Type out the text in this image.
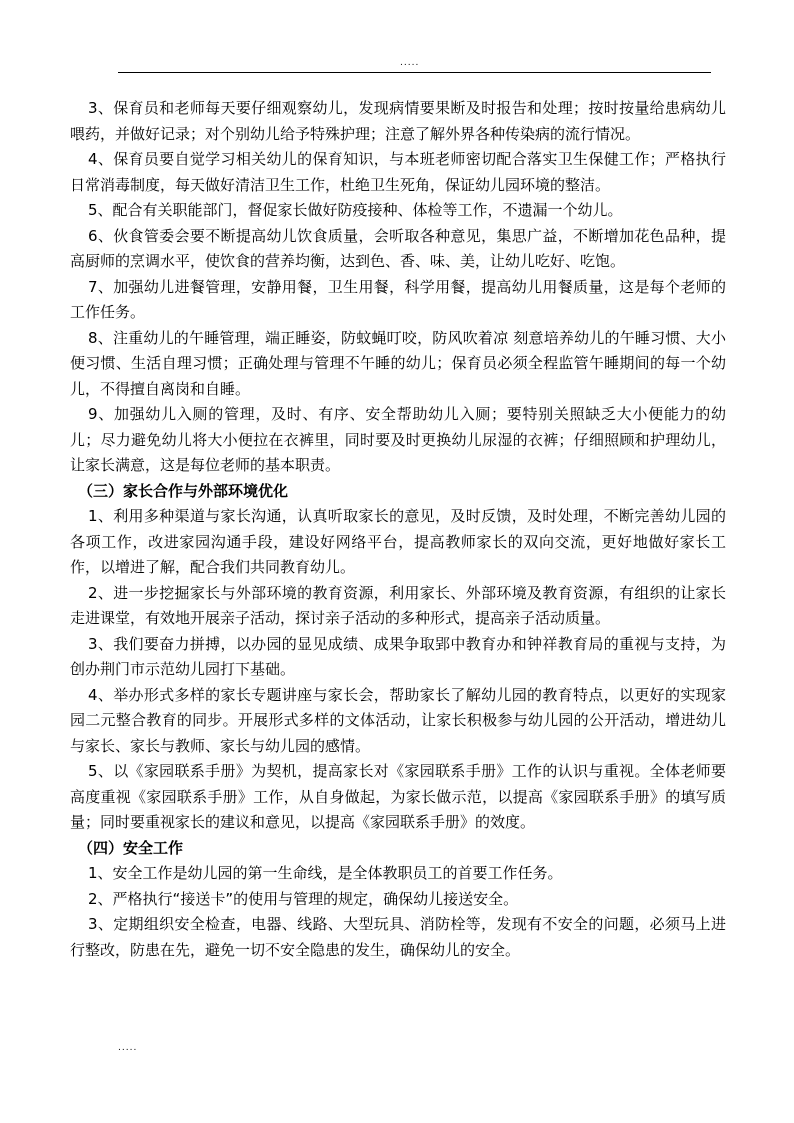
.....

3、保育员和老师每天要仔细观察幼儿，发现病情要果断及时报告和处理；按时按量给患病幼儿喂药，并做好记录；对个别幼儿给予特殊护理；注意了解外界各种传染病的流行情况。

4、保育员要自觉学习相关幼儿的保育知识，与本班老师密切配合落实卫生保健工作；严格执行日常消毒制度，每天做好清洁卫生工作，杜绝卫生死角，保证幼儿园环境的整洁。

5、配合有关职能部门，督促家长做好防疫接种、体检等工作，不遗漏一个幼儿。

6、伙食管委会要不断提高幼儿饮食质量，会听取各种意见，集思广益，不断增加花色品种，提高厨师的烹调水平，使饮食的营养均衡，达到色、香、味、美，让幼儿吃好、吃饱。

7、加强幼儿进餐管理，安静用餐，卫生用餐，科学用餐，提高幼儿用餐质量，这是每个老师的工作任务。

8、注重幼儿的午睡管理，端正睡姿，防蚊蝇叮咬，防风吹着凉 刻意培养幼儿的午睡习惯、大小便习惯、生活自理习惯；正确处理与管理不午睡的幼儿；保育员必须全程监管午睡期间的每一个幼儿，不得擅自离岗和自睡。

9、加强幼儿入厕的管理，及时、有序、安全帮助幼儿入厕；要特别关照缺乏大小便能力的幼儿；尽力避免幼儿将大小便拉在衣裤里，同时要及时更换幼儿尿湿的衣裤；仔细照顾和护理幼儿，让家长满意，这是每位老师的基本职责。

（三）家长合作与外部环境优化

1、利用多种渠道与家长沟通，认真听取家长的意见，及时反馈，及时处理，不断完善幼儿园的各项工作，改进家园沟通手段，建设好网络平台，提高教师家长的双向交流，更好地做好家长工作，以增进了解，配合我们共同教育幼儿。

2、进一步挖掘家长与外部环境的教育资源，利用家长、外部环境及教育资源，有组织的让家长走进课堂，有效地开展亲子活动，探讨亲子活动的多种形式，提高亲子活动质量。

3、我们要奋力拼搏，以办园的显见成绩、成果争取郢中教育办和钟祥教育局的重视与支持，为创办荆门市示范幼儿园打下基础。

4、举办形式多样的家长专题讲座与家长会，帮助家长了解幼儿园的教育特点，以更好的实现家园二元整合教育的同步。开展形式多样的文体活动，让家长积极参与幼儿园的公开活动，增进幼儿与家长、家长与教师、家长与幼儿园的感情。

5、以《家园联系手册》为契机，提高家长对《家园联系手册》工作的认识与重视。全体老师要高度重视《家园联系手册》工作，从自身做起，为家长做示范，以提高《家园联系手册》的填写质量；同时要重视家长的建议和意见，以提高《家园联系手册》的效度。

（四）安全工作

1、安全工作是幼儿园的第一生命线，是全体教职员工的首要工作任务。

2、严格执行“接送卡”的使用与管理的规定，确保幼儿接送安全。

3、定期组织安全检查，电器、线路、大型玩具、消防栓等，发现有不安全的问题，必须马上进行整改，防患在先，避免一切不安全隐患的发生，确保幼儿的安全。

.....
